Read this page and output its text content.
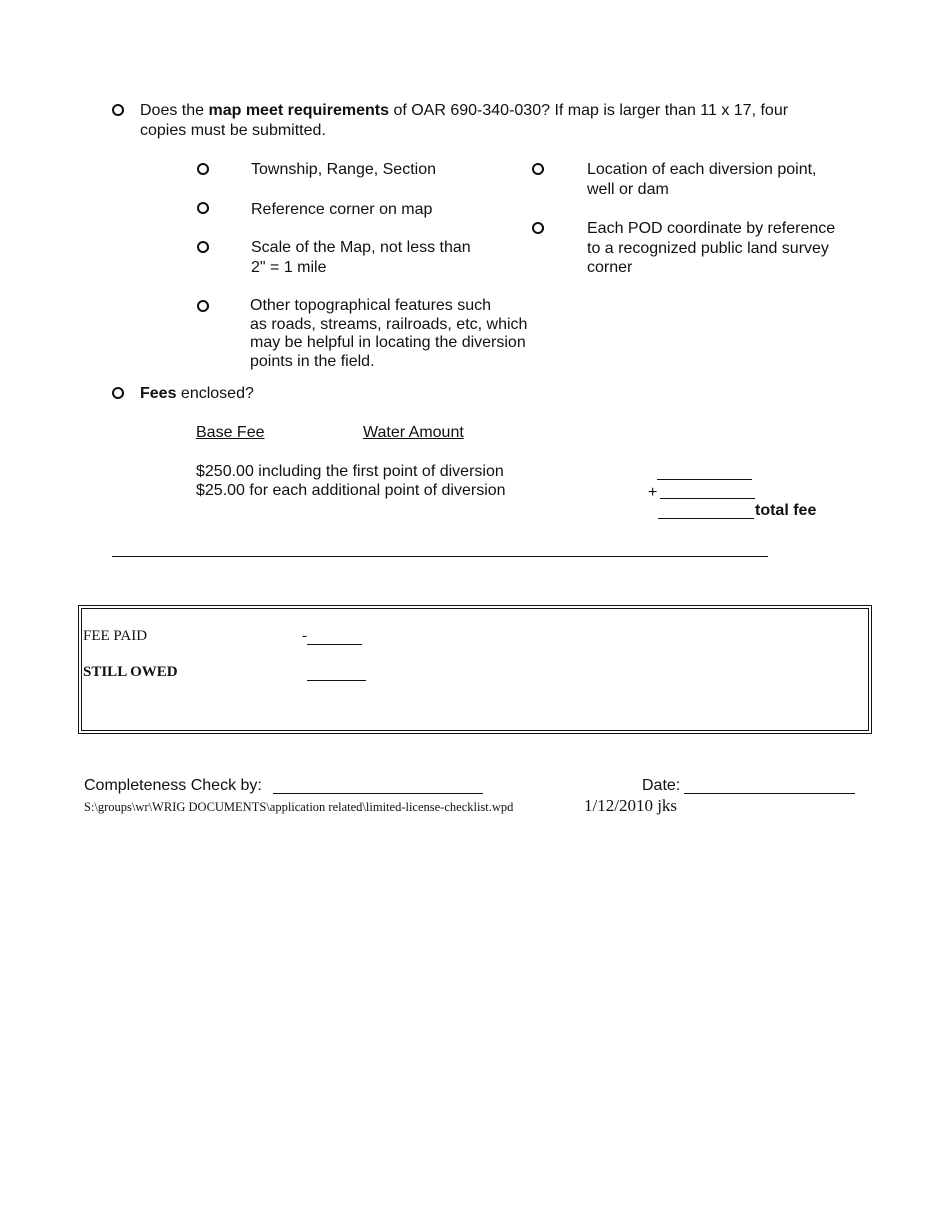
Does the map meet requirements of OAR 690-340-030? If map is larger than 11 x 17, four
copies must be submitted.
Township, Range, Section
Reference corner on map
Scale of the Map, not less than
2" = 1 mile
Other topographical features such
as roads, streams, railroads, etc, which
may be helpful in locating the diversion
points in the field.
Location of each diversion point,
well or dam
Each POD coordinate by reference
to a recognized public land survey
corner
Fees enclosed?
Base Fee	Water Amount
$250.00 including the first point of diversion
$25.00 for each additional point of diversion	+
total fee
FEE PAID	-
STILL OWED
Completeness Check by:	Date:
S:\groups\wr\WRIG DOCUMENTS\application related\limited-license-checklist.wpd	1/12/2010 jks
